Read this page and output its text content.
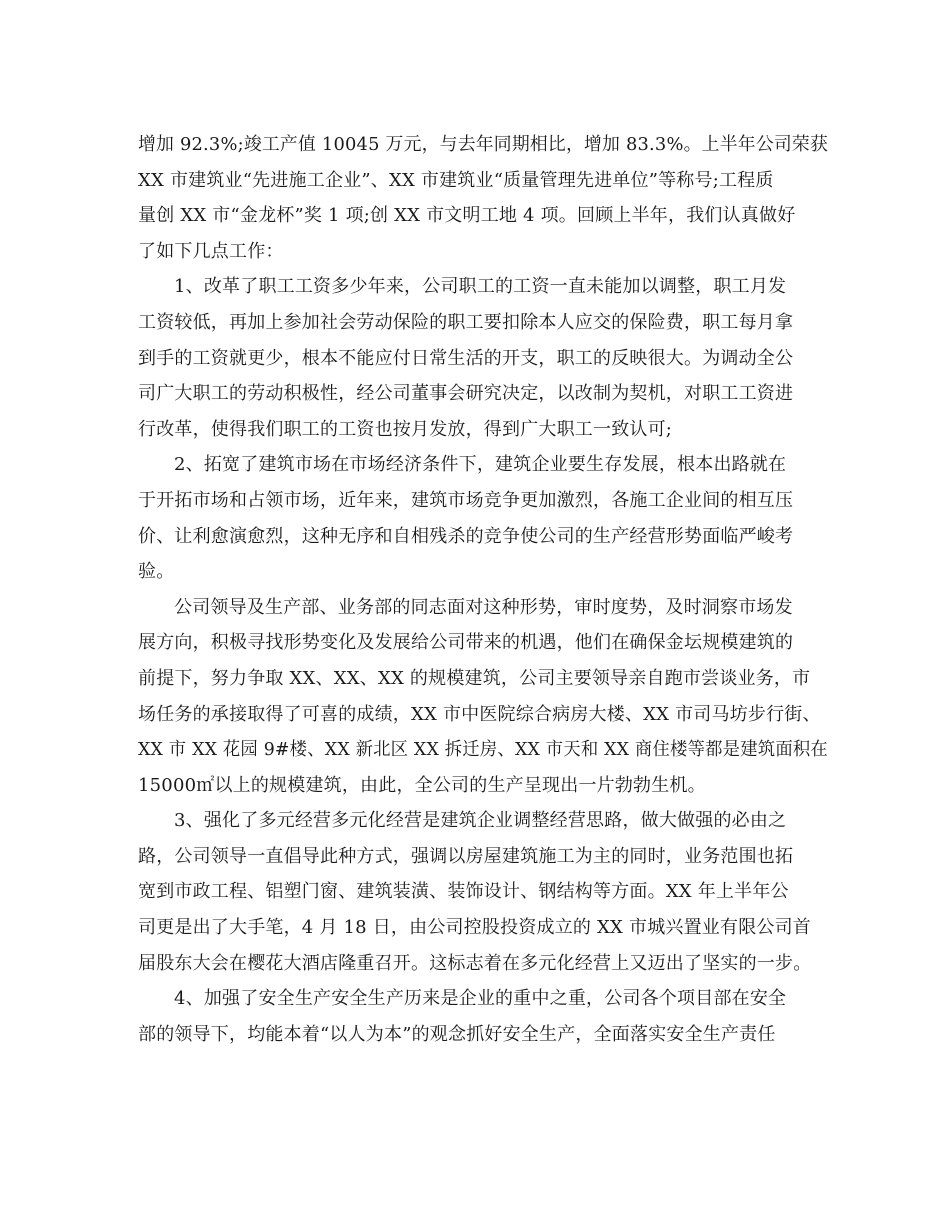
增加 92.3%;竣工产值 10045 万元，与去年同期相比，增加 83.3%。上半年公司荣获
XX 市建筑业“先进施工企业”、XX 市建筑业“质量管理先进单位”等称号;工程质
量创 XX 市“金龙杯”奖 1 项;创 XX 市文明工地 4 项。回顾上半年，我们认真做好
了如下几点工作：
1、改革了职工工资多少年来，公司职工的工资一直未能加以调整，职工月发
工资较低，再加上参加社会劳动保险的职工要扣除本人应交的保险费，职工每月拿
到手的工资就更少，根本不能应付日常生活的开支，职工的反映很大。为调动全公
司广大职工的劳动积极性，经公司董事会研究决定，以改制为契机，对职工工资进
行改革，使得我们职工的工资也按月发放，得到广大职工一致认可;
2、拓宽了建筑市场在市场经济条件下，建筑企业要生存发展，根本出路就在
于开拓市场和占领市场，近年来，建筑市场竞争更加激烈，各施工企业间的相互压
价、让利愈演愈烈，这种无序和自相残杀的竞争使公司的生产经营形势面临严峻考
验。
公司领导及生产部、业务部的同志面对这种形势，审时度势，及时洞察市场发
展方向，积极寻找形势变化及发展给公司带来的机遇，他们在确保金坛规模建筑的
前提下，努力争取 XX、XX、XX 的规模建筑，公司主要领导亲自跑市尝谈业务，市
场任务的承接取得了可喜的成绩，XX 市中医院综合病房大楼、XX 市司马坊步行街、
XX 市 XX 花园 9#楼、XX 新北区 XX 拆迁房、XX 市天和 XX 商住楼等都是建筑面积在
15000㎡以上的规模建筑，由此，全公司的生产呈现出一片勃勃生机。
3、强化了多元经营多元化经营是建筑企业调整经营思路，做大做强的必由之
路，公司领导一直倡导此种方式，强调以房屋建筑施工为主的同时，业务范围也拓
宽到市政工程、铝塑门窗、建筑装潢、装饰设计、钢结构等方面。XX 年上半年公
司更是出了大手笔，4 月 18 日，由公司控股投资成立的 XX 市城兴置业有限公司首
届股东大会在樱花大酒店隆重召开。这标志着在多元化经营上又迈出了坚实的一步。
4、加强了安全生产安全生产历来是企业的重中之重，公司各个项目部在安全
部的领导下，均能本着“以人为本”的观念抓好安全生产，全面落实安全生产责任
